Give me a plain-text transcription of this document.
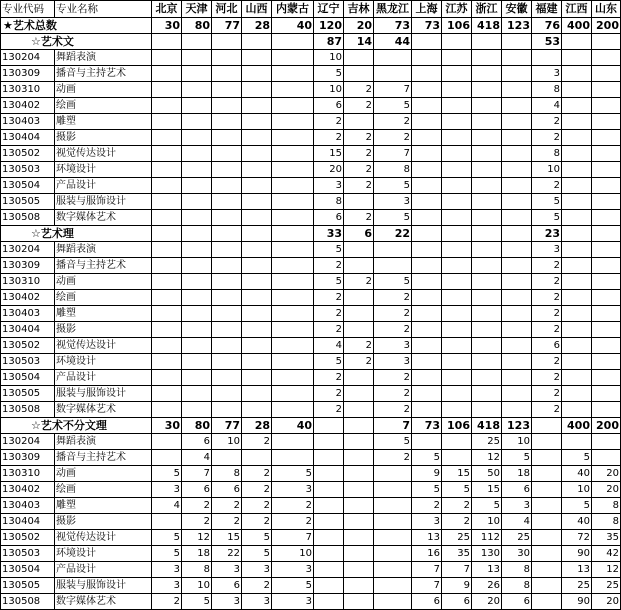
专业代码	专业名称	北京	天津	河北	山西	内蒙古	辽宁	吉林	黑龙江	上海	江苏	浙江	安徽	福建	江西	山东
★艺术总数		30	80	77	28	40	120	20	73	73	106	418	123	76	400	200
☆艺术文							87	14	44					53		
130204	舞蹈表演						10									
130309	播音与主持艺术						5							3		
130310	动画						10	2	7					8		
130402	绘画						6	2	5					4		
130403	雕塑						2		2					2		
130404	摄影						2	2	2					2		
130502	视觉传达设计						15	2	7					8		
130503	环境设计						20	2	8					10		
130504	产品设计						3	2	5					2		
130505	服装与服饰设计						8		3					5		
130508	数字媒体艺术						6	2	5					5		
☆艺术理							33	6	22					23		
130204	舞蹈表演						5							3		
130309	播音与主持艺术						2							2		
130310	动画						5	2	5					2		
130402	绘画						2		2					2		
130403	雕塑						2		2					2		
130404	摄影						2		2					2		
130502	视觉传达设计						4	2	3					6		
130503	环境设计						5	2	3					2		
130504	产品设计						2		2					2		
130505	服装与服饰设计						2		2					2		
130508	数字媒体艺术						2		2					2		
☆艺术不分文理		30	80	77	28	40			7	73	106	418	123		400	200
130204	舞蹈表演		6	10	2				5			25	10			
130309	播音与主持艺术		4						2	5		12	5		5	
130310	动画	5	7	8	2	5				9	15	50	18		40	20
130402	绘画	3	6	6	2	3				5	5	15	6		10	20
130403	雕塑	4	2	2	2	2				2	2	5	3		5	8
130404	摄影		2	2	2	2				3	2	10	4		40	8
130502	视觉传达设计	5	12	15	5	7				13	25	112	25		72	35
130503	环境设计	5	18	22	5	10				16	35	130	30		90	42
130504	产品设计	3	8	3	3	3				7	7	13	8		13	12
130505	服装与服饰设计	3	10	6	2	5				7	9	26	8		25	25
130508	数字媒体艺术	2	5	3	3	3				6	6	20	6		90	20
